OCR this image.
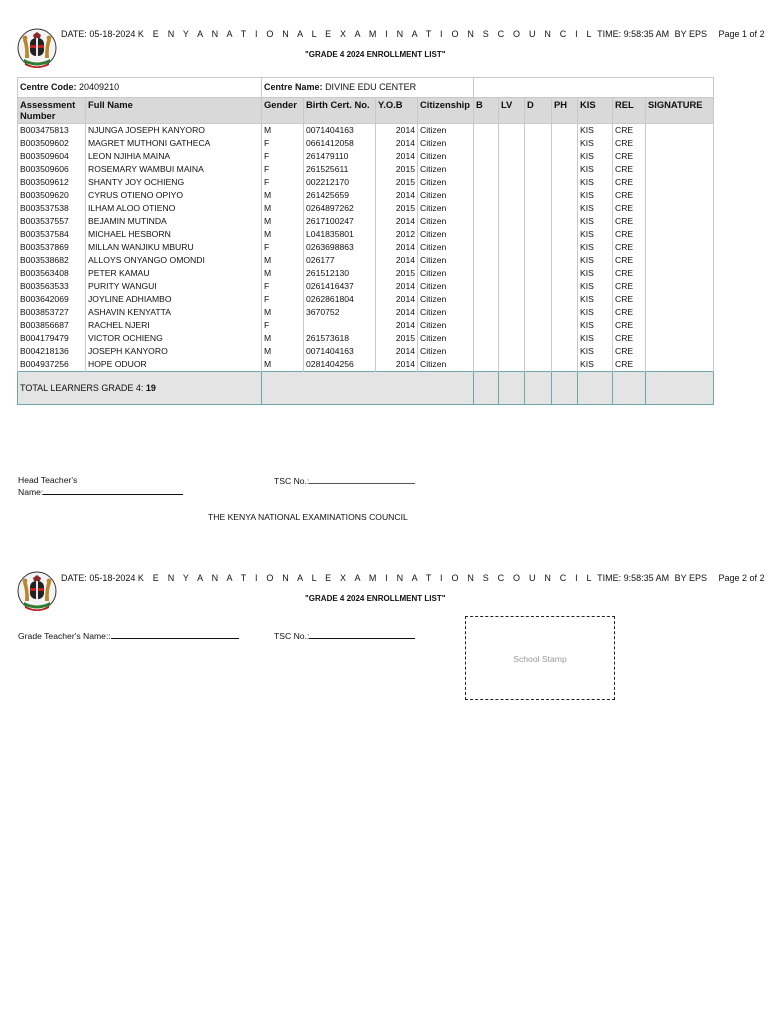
DATE: 05-18-2024 K E N Y A N A T I O N A L E X A M I N A T I O N S C O U N C I L TIME: 9:58:35 AM BY EPS Page 1 of 2
"GRADE 4 2024 ENROLLMENT LIST"
Centre Code: 20409210		Centre Name: DIVINE EDU CENTER										
Assessment Number	Full Name	Gender	Birth Cert. No.	Y.O.B	Citizenship	B	LV	D	PH	KIS	REL	SIGNATURE
B003475813	NJUNGA JOSEPH KANYORO	M	0071404163	2014	Citizen					KIS	CRE	
B003509602	MAGRET MUTHONI GATHECA	F	0661412058	2014	Citizen					KIS	CRE	
B003509604	LEON NJIHIA MAINA	F	261479110	2014	Citizen					KIS	CRE	
B003509606	ROSEMARY WAMBUI MAINA	F	261525611	2015	Citizen					KIS	CRE	
B003509612	SHANTY JOY OCHIENG	F	002212170	2015	Citizen					KIS	CRE	
B003509620	CYRUS OTIENO OPIYO	M	261425659	2014	Citizen					KIS	CRE	
B003537538	ILHAM ALOO OTIENO	M	0264897262	2015	Citizen					KIS	CRE	
B003537557	BEJAMIN MUTINDA	M	2617100247	2014	Citizen					KIS	CRE	
B003537584	MICHAEL HESBORN	M	L041835801	2012	Citizen					KIS	CRE	
B003537869	MILLAN WANJIKU MBURU	F	0263698863	2014	Citizen					KIS	CRE	
B003538682	ALLOYS ONYANGO OMONDI	M	026177	2014	Citizen					KIS	CRE	
B003563408	PETER KAMAU	M	261512130	2015	Citizen					KIS	CRE	
B003563533	PURITY WANGUI	F	0261416437	2014	Citizen					KIS	CRE	
B003642069	JOYLINE ADHIAMBO	F	0262861804	2014	Citizen					KIS	CRE	
B003853727	ASHAVIN KENYATTA	M	3670752	2014	Citizen					KIS	CRE	
B003856687	RACHEL NJERI	F		2014	Citizen					KIS	CRE	
B004179479	VICTOR OCHIENG	M	261573618	2015	Citizen					KIS	CRE	
B004218136	JOSEPH KANYORO	M	0071404163	2014	Citizen					KIS	CRE	
B004937256	HOPE ODUOR	M	0281404256	2014	Citizen					KIS	CRE	
TOTAL LEARNERS GRADE 4: 19												
Head Teacher's
Name:
TSC No.:
THE KENYA NATIONAL EXAMINATIONS COUNCIL
DATE: 05-18-2024 K E N Y A N A T I O N A L E X A M I N A T I O N S C O U N C I L TIME: 9:58:35 AM BY EPS Page 2 of 2
"GRADE 4 2024 ENROLLMENT LIST"
Grade Teacher's Name::	TSC No.:
School Stamp
